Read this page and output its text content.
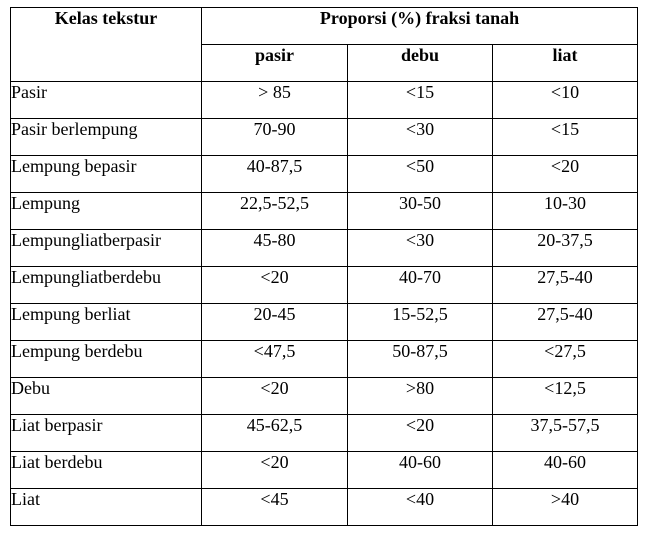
Kelas tekstur	Proporsi (%) fraksi tanah		
	pasir	debu	liat
Pasir	> 85	<15	<10
Pasir berlempung	70-90	<30	<15
Lempung bepasir	40-87,5	<50	<20
Lempung	22,5-52,5	30-50	10-30
Lempungliatberpasir	45-80	<30	20-37,5
Lempungliatberdebu	<20	40-70	27,5-40
Lempung berliat	20-45	15-52,5	27,5-40
Lempung berdebu	<47,5	50-87,5	<27,5
Debu	<20	>80	<12,5
Liat berpasir	45-62,5	<20	37,5-57,5
Liat berdebu	<20	40-60	40-60
Liat	<45	<40	>40
